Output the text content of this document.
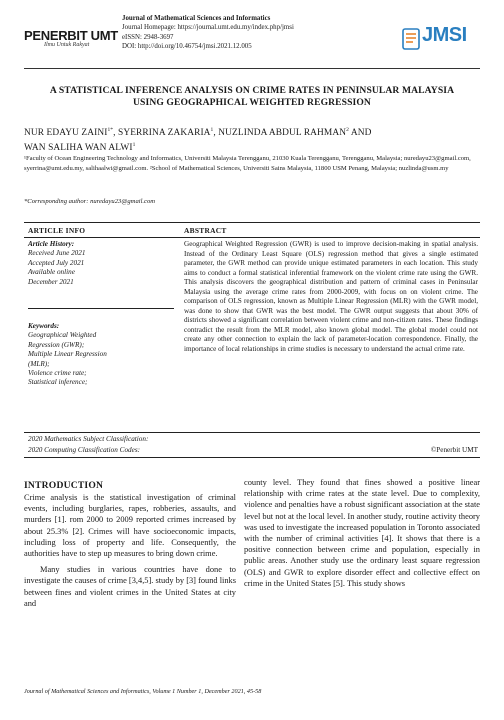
PENERBIT UMT
Ilmu Untuk Rakyat
Journal of Mathematical Sciences and Informatics
Journal Homepage: https://journal.umt.edu.my/index.php/jmsi
eISSN: 2948-3697
DOI: http://doi.org/10.46754/jmsi.2021.12.005
JMSI
A STATISTICAL INFERENCE ANALYSIS ON CRIME RATES IN PENINSULAR MALAYSIA USING GEOGRAPHICAL WEIGHTED REGRESSION
NUR EDAYU $ZAINI^{1*}$, SYERRINA ZAKARIA$^1$, NUZLINDA ABDUL RAHMAN$^2$ AND
WAN SALIHA WAN ALWI$^1$
¹Faculty of Ocean Engineering Technology and Informatics, Universiti Malaysia Terengganu, 21030 Kuala Terengganu, Terengganu, Malaysia; nuredayu23@gmail.com, syerrina@umt.edu.my, salihaalwi@gmail.com. ²School of Mathematical Sciences, Universiti Sains Malaysia, 11800 USM Penang, Malaysia; nuzlinda@usm.my
*Corresponding author: nuredayu23@gmail.com
ARTICLE INFO	ABSTRACT
Article History:
Received June 2021
Accepted July 2021
Available online
December 2021
Keywords:
Geographical Weighted
Regression (GWR);
Multiple Linear Regression
(MLR);
Violence crime rate;
Statistical inference;
Geographical Weighted Regression (GWR) is used to improve decision-making in spatial analysis. Instead of the Ordinary Least Square (OLS) regression method that gives a single estimated parameter, the GWR method can provide unique estimated parameters in each location. This study aims to conduct a formal statistical inferential framework on the violent crime rate using the GWR. This analysis discovers the geographical distribution and pattern of criminal cases in Peninsular Malaysia using the average crime rates from 2000-2009, with focus on on violent crime. The comparison of OLS regression, known as Multiple Linear Regression (MLR) with the GWR model, was done to show that GWR was the best model. The GWR output suggests that about 30% of districts showed a significant correlation between violent crime and non-citizen rates. These findings contradict the result from the MLR model, also known global model. The global model could not create any other connection to explain the lack of parameter-location correspondence. Finally, the importance of local relationships in crime studies is necessary to understand the actual crime rate.
2020 Mathematics Subject Classification:
2020 Computing Classification Codes:	©Penerbit UMT
INTRODUCTION

Crime analysis is the statistical investigation of criminal events, including burglaries, rapes, robberies, assaults, and murders [1]. rom 2000 to 2009 reported crimes increased by about 25.3% [2]. Crimes will have socioeconomic impacts, including loss of property and life. Consequently, the authorities have to step up measures to bring down crime.

Many studies in various countries have done to investigate the causes of crime [3,4,5]. study by [3] found links between fines and violent crimes in the United States at city and

county level. They found that fines showed a positive linear relationship with crime rates at the state level. Due to complexity, violence and penalties have a robust significant association at the state level but not at the local level. In another study, routine activity theory was used to investigate the increased population in Toronto associated with the number of criminal activities [4]. It shows that there is a positive connection between crime and population, especially in public areas. Another study use the ordinary least square regression (OLS) and GWR to explore disorder effect and collective effect on crime in the United States [5]. This study shows

Journal of Mathematical Sciences and Informatics, Volume 1 Number 1, December 2021, 45-58
